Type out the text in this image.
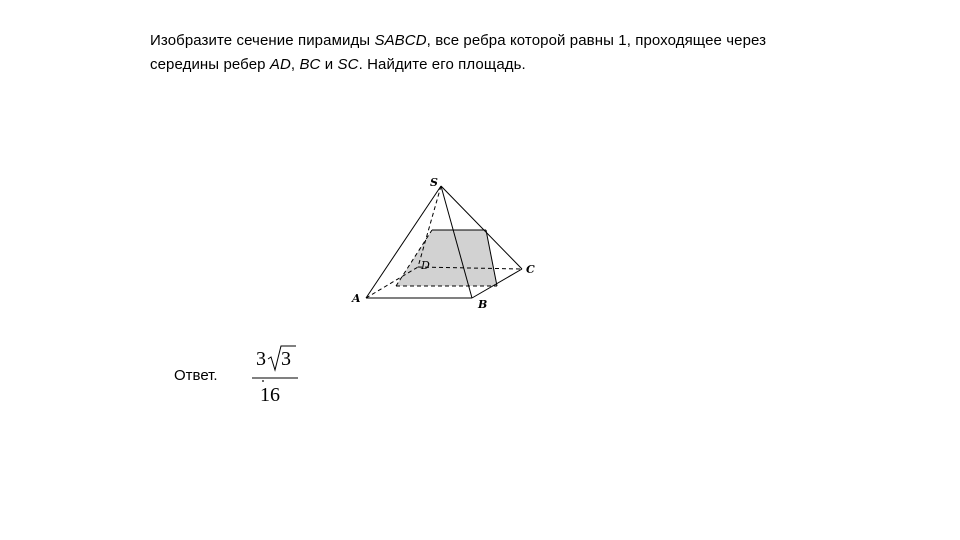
Изобразите сечение пирамиды SABCD, все ребра которой равны 1, проходящее через
середины ребер AD, BC и SC. Найдите его площадь.
S
A	B
C
D
Ответ.
3 3
16
